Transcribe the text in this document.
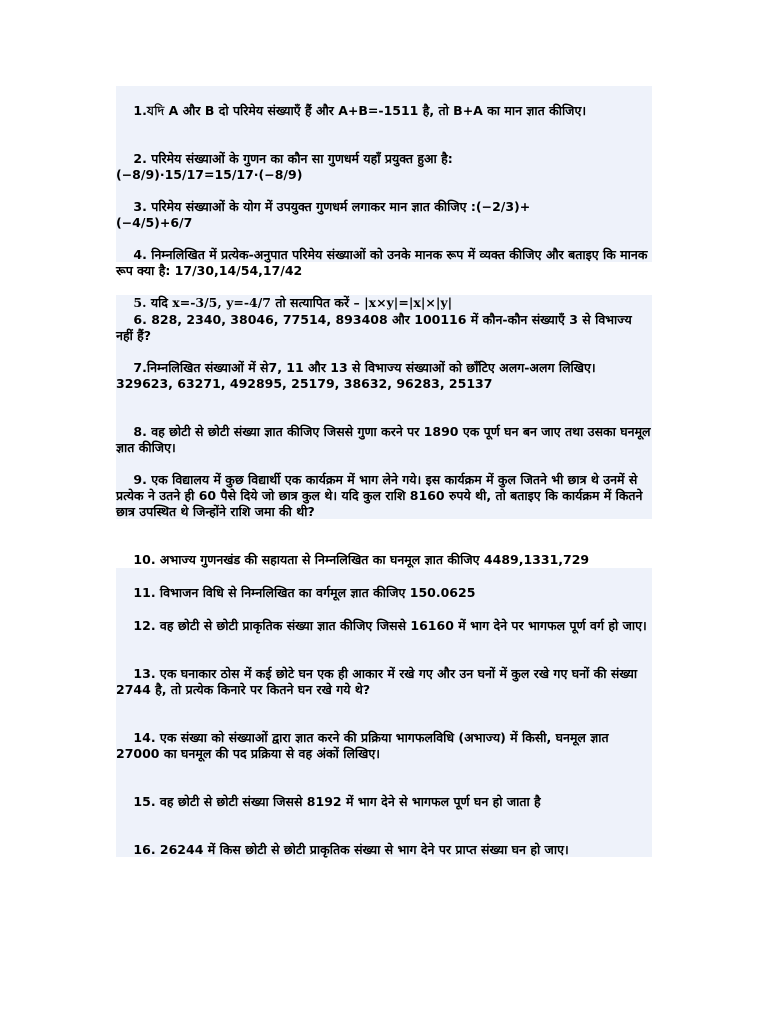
1.যদি A और B दो परिमेय संख्याएँ हैं और A+B=-1511 है, तो B+A का मान ज्ञात कीजिए।

2. परिमेय संख्याओं के गुणन का कौन सा गुणधर्म यहाँ प्रयुक्त हुआ है:
(−8/9)·15/17=15/17·(−8/9)

3. परिमेय संख्याओं के योग में उपयुक्त गुणधर्म लगाकर मान ज्ञात कीजिए :(−2/3)+
(−4/5)+6/7

4. निम्नलिखित में प्रत्येक-अनुपात परिमेय संख्याओं को उनके मानक रूप में व्यक्त कीजिए और बताइए कि मानक रूप क्या है: 17/30,14/54,17/42

5. यदि x=-3/5, y=-4/7 तो सत्यापित करें – |x×y|=|x|×|y|

6. 828, 2340, 38046, 77514, 893408 और 100116 में कौन-कौन संख्याएँ 3 से विभाज्य नहीं हैं?

7.निम्नलिखित संख्याओं में से7, 11 और 13 से विभाज्य संख्याओं को छाँटिए अलग-अलग लिखिए।
329623, 63271, 492895, 25179, 38632, 96283, 25137

8. वह छोटी से छोटी संख्या ज्ञात कीजिए जिससे गुणा करने पर 1890 एक पूर्ण घन बन जाए तथा उसका घनमूल ज्ञात कीजिए।

9. एक विद्यालय में कुछ विद्यार्थी एक कार्यक्रम में भाग लेने गये। इस कार्यक्रम में कुल जितने भी छात्र थे उनमें से प्रत्येक ने उतने ही 60 पैसे दिये जो छात्र कुल थे। यदि कुल राशि 8160 रुपये थी, तो बताइए कि कार्यक्रम में कितने छात्र उपस्थित थे जिन्होंने राशि जमा की थी?

10. अभाज्य गुणनखंड की सहायता से निम्नलिखित का घनमूल ज्ञात कीजिए 4489,1331,729

11. विभाजन विधि से निम्नलिखित का वर्गमूल ज्ञात कीजिए 150.0625

12. वह छोटी से छोटी प्राकृतिक संख्या ज्ञात कीजिए जिससे 16160 में भाग देने पर भागफल पूर्ण वर्ग हो जाए।

13. एक घनाकार ठोस में कई छोटे घन एक ही आकार में रखे गए और उन घनों में कुल रखे गए घनों की संख्या 2744 है, तो प्रत्येक किनारे पर कितने घन रखे गये थे?

14. एक संख्या को संख्याओं द्वारा ज्ञात करने की प्रक्रिया भागफलविधि (अभाज्य) में किसी, घनमूल ज्ञात 27000 का घनमूल की पद प्रक्रिया से वह अंकों लिखिए।

15. वह छोटी से छोटी संख्या जिससे 8192 में भाग देने से भागफल पूर्ण घन हो जाता है

16. 26244 में किस छोटी से छोटी प्राकृतिक संख्या से भाग देने पर प्राप्त संख्या घन हो जाए।
